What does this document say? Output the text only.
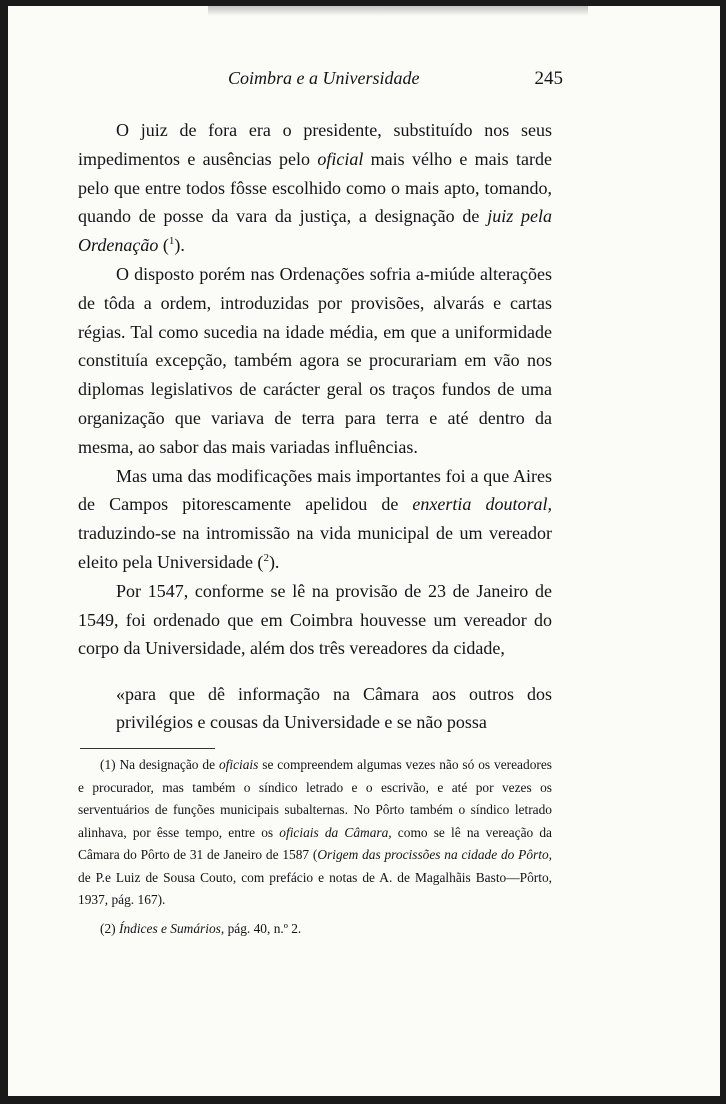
Coimbra e a Universidade	245

O juiz de fora era o presidente, substituído nos seus impedimentos e ausências pelo oficial mais vélho e mais tarde pelo que entre todos fôsse escolhido como o mais apto, tomando, quando de posse da vara da justiça, a designação de juiz pela Ordenação ($^1$).

O disposto porém nas Ordenações sofria a-miúde alterações de tôda a ordem, introduzidas por provisões, alvarás e cartas régias. Tal como sucedia na idade média, em que a uniformidade constituía excepção, também agora se procurariam em vão nos diplomas legislativos de carácter geral os traços fundos de uma organização que variava de terra para terra e até dentro da mesma, ao sabor das mais variadas influências.

Mas uma das modificações mais importantes foi a que Aires de Campos pitorescamente apelidou de enxertia doutoral, traduzindo-se na intromissão na vida municipal de um vereador eleito pela Universidade ($^2$).

Por 1547, conforme se lê na provisão de 23 de Janeiro de 1549, foi ordenado que em Coimbra houvesse um vereador do corpo da Universidade, além dos três vereadores da cidade,

«para que dê informação na Câmara aos outros dos privilégios e cousas da Universidade e se não possa

(1) Na designação de oficiais se compreendem algumas vezes não só os vereadores e procurador, mas também o síndico letrado e o escrivão, e até por vezes os serventuários de funções municipais subalternas. No Pôrto também o síndico letrado alinhava, por êsse tempo, entre os oficiais da Câmara, como se lê na vereação da Câmara do Pôrto de 31 de Janeiro de 1587 (Origem das procissões na cidade do Pôrto, de P.e Luiz de Sousa Couto, com prefácio e notas de A. de Magalhãis Basto—Pôrto, 1937, pág. 167).

(2) Índices e Sumários, pág. 40, n.º 2.
